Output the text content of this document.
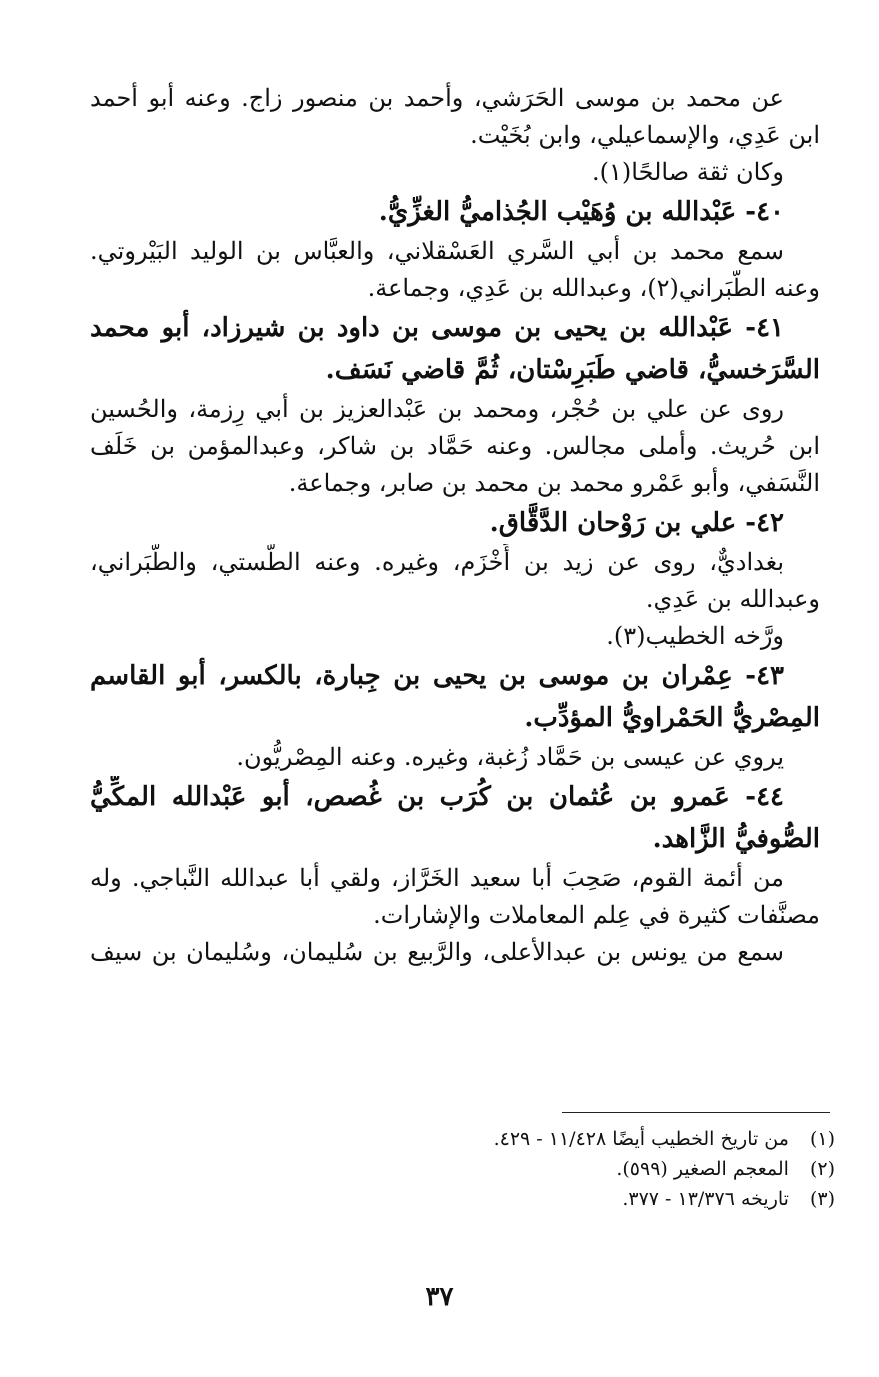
عن محمد بن موسى الحَرَشي، وأحمد بن منصور زاج. وعنه أبو أحمد
ابن عَدِي، والإسماعيلي، وابن بُخَيْت.
وكان ثقة صالحًا(١).
٤٠- عَبْدالله بن وُهَيْب الجُذاميُّ الغزِّيُّ.
سمع محمد بن أبي السَّري العَسْقلاني، والعبَّاس بن الوليد البَيْروتي.
وعنه الطَّبَراني(٢)، وعبدالله بن عَدِي، وجماعة.
٤١- عَبْدالله بن يحيى بن موسى بن داود بن شيرزاد، أبو محمد
السَّرَخسيُّ، قاضي طَبَرِسْتان، ثُمَّ قاضي نَسَف.
روى عن علي بن حُجْر، ومحمد بن عَبْدالعزيز بن أبي رِزمة، والحُسين
ابن حُريث. وأملى مجالس. وعنه حَمَّاد بن شاكر، وعبدالمؤمن بن خَلَف
النَّسَفي، وأبو عَمْرو محمد بن محمد بن صابر، وجماعة.
٤٢- علي بن رَوْحان الدَّقَّاق.
بغداديٌّ، روى عن زيد بن أَخْزَم، وغيره. وعنه الطَّستي، والطَّبَراني،
وعبدالله بن عَدِي.
ورَّخه الخطيب(٣).
٤٣- عِمْران بن موسى بن يحيى بن جِبارة، بالكسر، أبو القاسم
المِصْريُّ الحَمْراويُّ المؤدِّب.
يروي عن عيسى بن حَمَّاد زُغبة، وغيره. وعنه المِصْريُّون.
٤٤- عَمرو بن عُثمان بن كُرَب بن غُصص، أبو عَبْدالله المكِّيُّ
الصُّوفيُّ الزَّاهد.
من أئمة القوم، صَحِبَ أبا سعيد الخَرَّاز، ولقي أبا عبدالله النَّباجي. وله
مصنَّفات كثيرة في عِلم المعاملات والإشارات.
سمع من يونس بن عبدالأعلى، والرَّبيع بن سُليمان، وسُليمان بن سيف
(١) من تاريخ الخطيب أيضًا ١١/٤٢٨ - ٤٢٩.
(٢) المعجم الصغير (٥٩٩).
(٣) تاريخه ١٣/٣٧٦ - ٣٧٧.
٣٧
